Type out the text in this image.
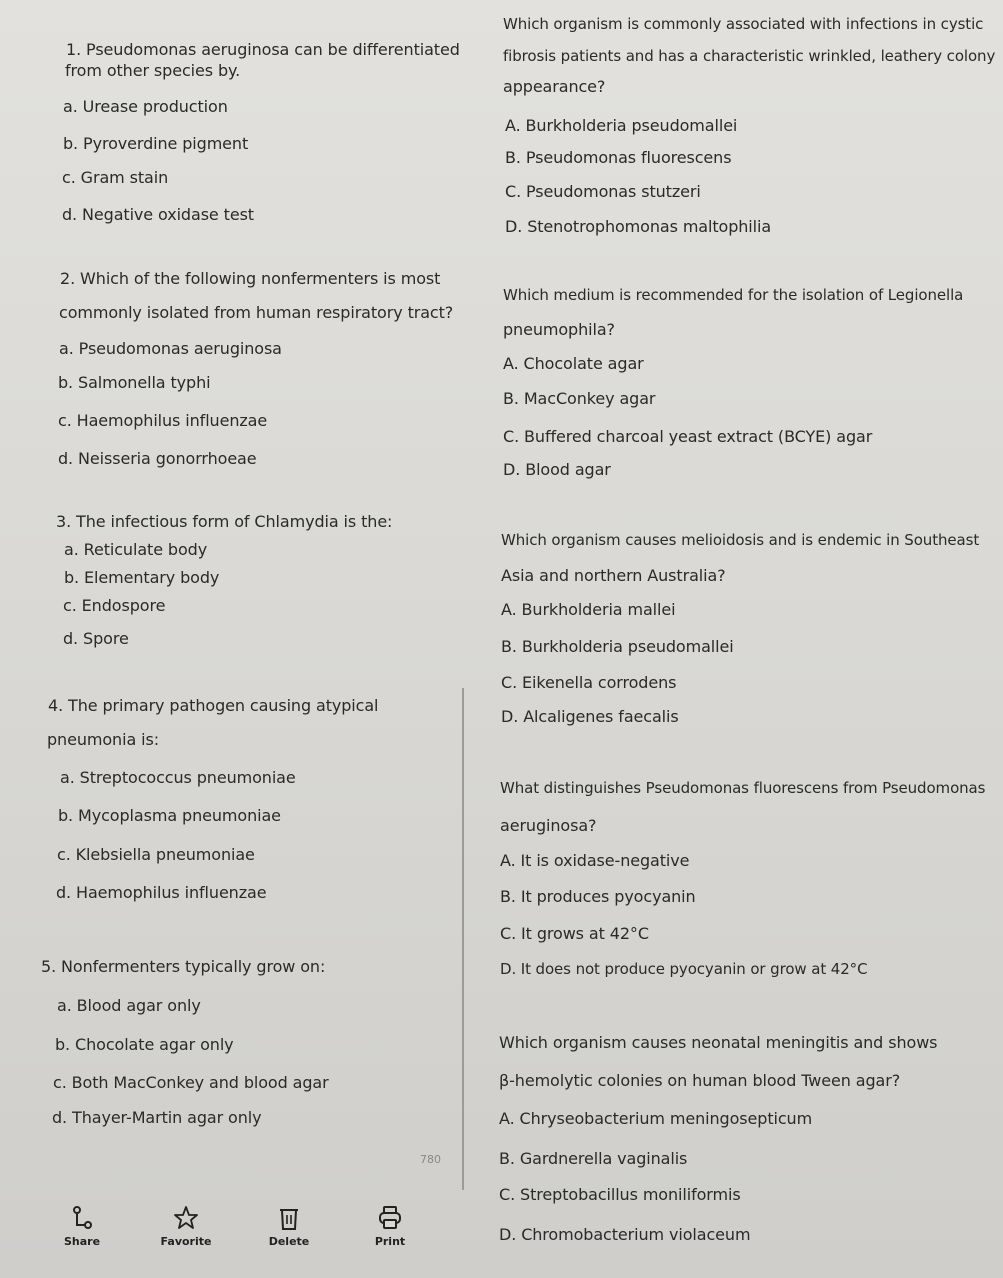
1. Pseudomonas aeruginosa can be differentiated
from other species by.
a. Urease production
b. Pyroverdine pigment
c. Gram stain
d. Negative oxidase test
2. Which of the following nonfermenters is most
commonly isolated from human respiratory tract?
a. Pseudomonas aeruginosa
b. Salmonella typhi
c. Haemophilus influenzae
d. Neisseria gonorrhoeae
3. The infectious form of Chlamydia is the:
a. Reticulate body
b. Elementary body
c. Endospore
d. Spore
4. The primary pathogen causing atypical
pneumonia is:
a. Streptococcus pneumoniae
b. Mycoplasma pneumoniae
c. Klebsiella pneumoniae
d. Haemophilus influenzae
5. Nonfermenters typically grow on:
a. Blood agar only
b. Chocolate agar only
c. Both MacConkey and blood agar
d. Thayer-Martin agar only
Which organism is commonly associated with infections in cystic
fibrosis patients and has a characteristic wrinkled, leathery colony
appearance?
A. Burkholderia pseudomallei
B. Pseudomonas fluorescens
C. Pseudomonas stutzeri
D. Stenotrophomonas maltophilia
Which medium is recommended for the isolation of Legionella
pneumophila?
A. Chocolate agar
B. MacConkey agar
C. Buffered charcoal yeast extract (BCYE) agar
D. Blood agar
Which organism causes melioidosis and is endemic in Southeast
Asia and northern Australia?
A. Burkholderia mallei
B. Burkholderia pseudomallei
C. Eikenella corrodens
D. Alcaligenes faecalis
What distinguishes Pseudomonas fluorescens from Pseudomonas
aeruginosa?
A. It is oxidase-negative
B. It produces pyocyanin
C. It grows at 42°C
D. It does not produce pyocyanin or grow at 42°C
Which organism causes neonatal meningitis and shows
β-hemolytic colonies on human blood Tween agar?
A. Chryseobacterium meningosepticum
B. Gardnerella vaginalis
C. Streptobacillus moniliformis
D. Chromobacterium violaceum
780
Share	Favorite	Delete	Print
